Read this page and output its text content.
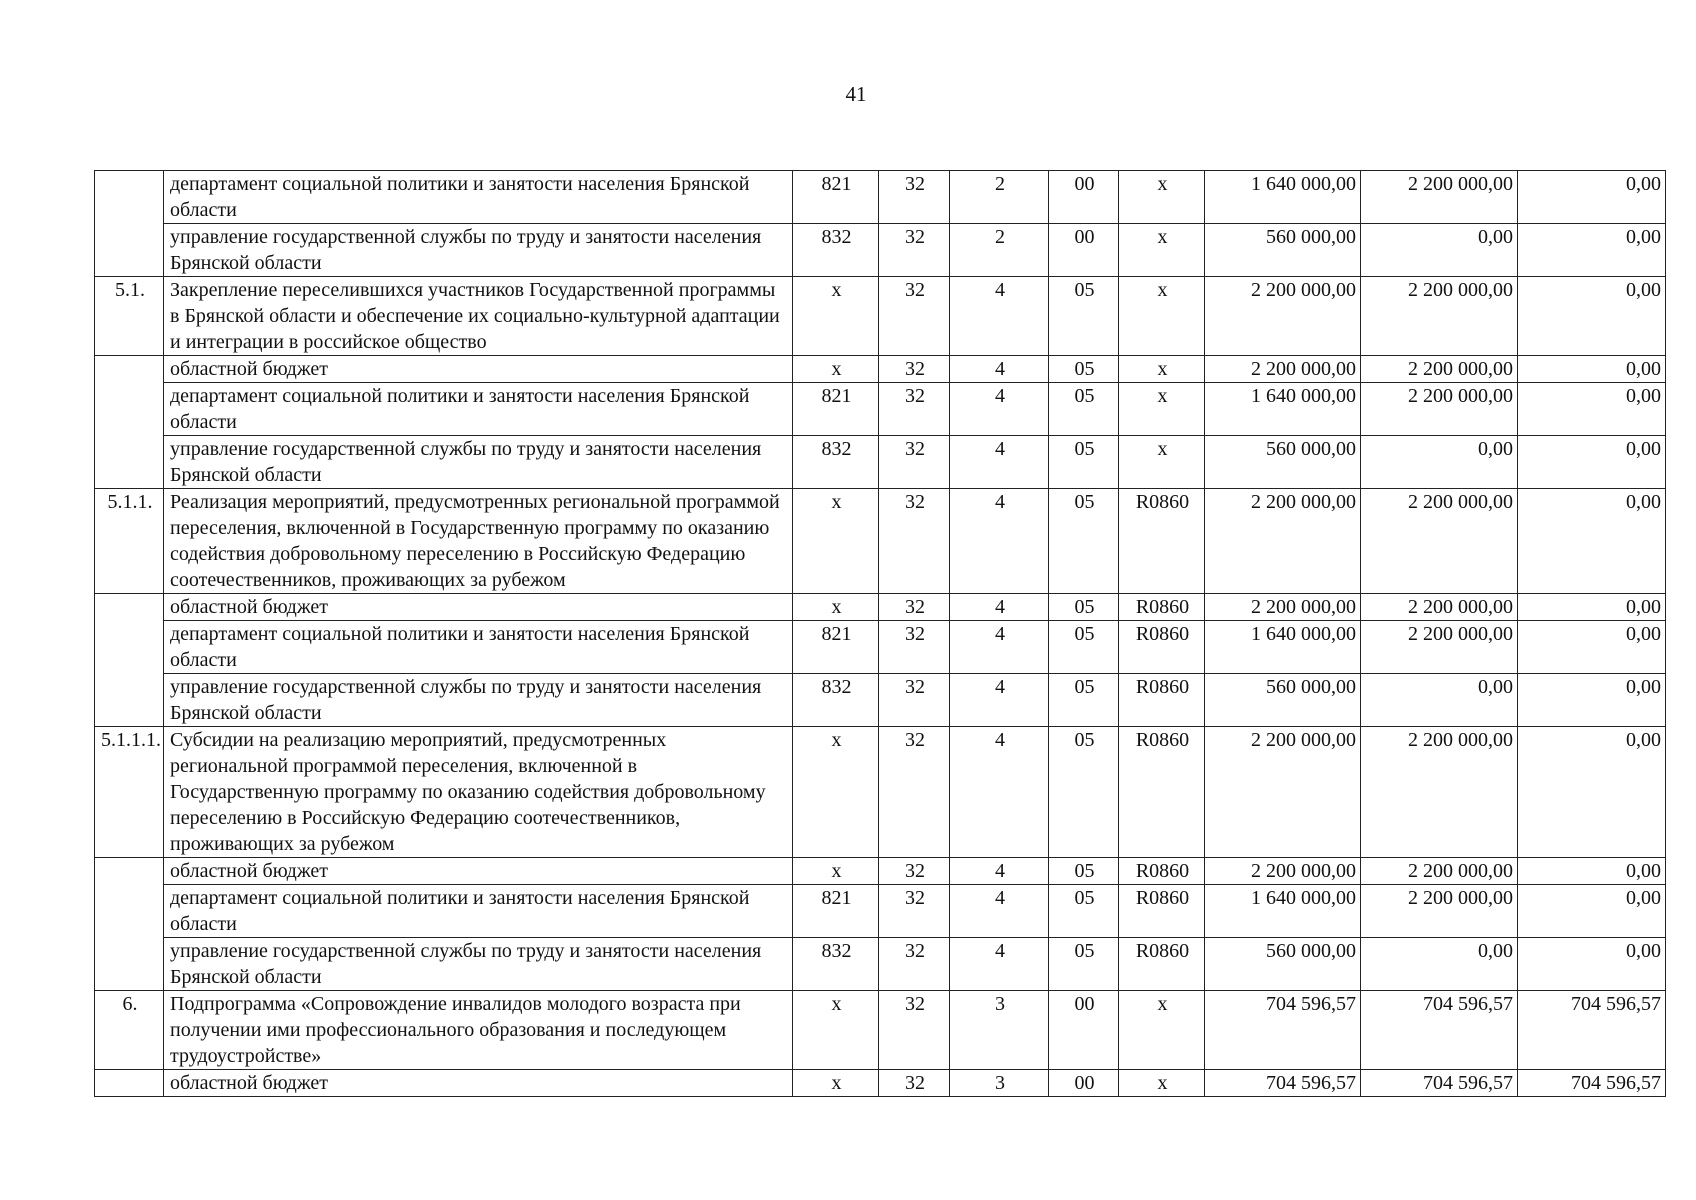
41
	департамент социальной политики и занятости населения Брянской области	821	32	2	00	х	1 640 000,00	2 200 000,00	0,00
	управление государственной службы по труду и занятости населения Брянской области	832	32	2	00	х	560 000,00	0,00	0,00
5.1.	Закрепление переселившихся участников Государственной программы в Брянской области и обеспечение их социально-культурной адаптации и интеграции в российское общество	х	32	4	05	х	2 200 000,00	2 200 000,00	0,00
	областной бюджет	х	32	4	05	х	2 200 000,00	2 200 000,00	0,00
	департамент социальной политики и занятости населения Брянской области	821	32	4	05	х	1 640 000,00	2 200 000,00	0,00
	управление государственной службы по труду и занятости населения Брянской области	832	32	4	05	х	560 000,00	0,00	0,00
5.1.1.	Реализация мероприятий, предусмотренных региональной программой переселения, включенной в Государственную программу по оказанию содействия добровольному переселению в Российскую Федерацию соотечественников, проживающих за рубежом	х	32	4	05	R0860	2 200 000,00	2 200 000,00	0,00
	областной бюджет	х	32	4	05	R0860	2 200 000,00	2 200 000,00	0,00
	департамент социальной политики и занятости населения Брянской области	821	32	4	05	R0860	1 640 000,00	2 200 000,00	0,00
	управление государственной службы по труду и занятости населения Брянской области	832	32	4	05	R0860	560 000,00	0,00	0,00
5.1.1.1.	Субсидии на реализацию мероприятий, предусмотренных региональной программой переселения, включенной в Государственную программу по оказанию содействия добровольному переселению в Российскую Федерацию соотечественников, проживающих за рубежом	х	32	4	05	R0860	2 200 000,00	2 200 000,00	0,00
	областной бюджет	х	32	4	05	R0860	2 200 000,00	2 200 000,00	0,00
	департамент социальной политики и занятости населения Брянской области	821	32	4	05	R0860	1 640 000,00	2 200 000,00	0,00
	управление государственной службы по труду и занятости населения Брянской области	832	32	4	05	R0860	560 000,00	0,00	0,00
6.	Подпрограмма «Сопровождение инвалидов молодого возраста при получении ими профессионального образования и последующем трудоустройстве»	х	32	3	00	х	704 596,57	704 596,57	704 596,57
	областной бюджет	х	32	3	00	х	704 596,57	704 596,57	704 596,57
